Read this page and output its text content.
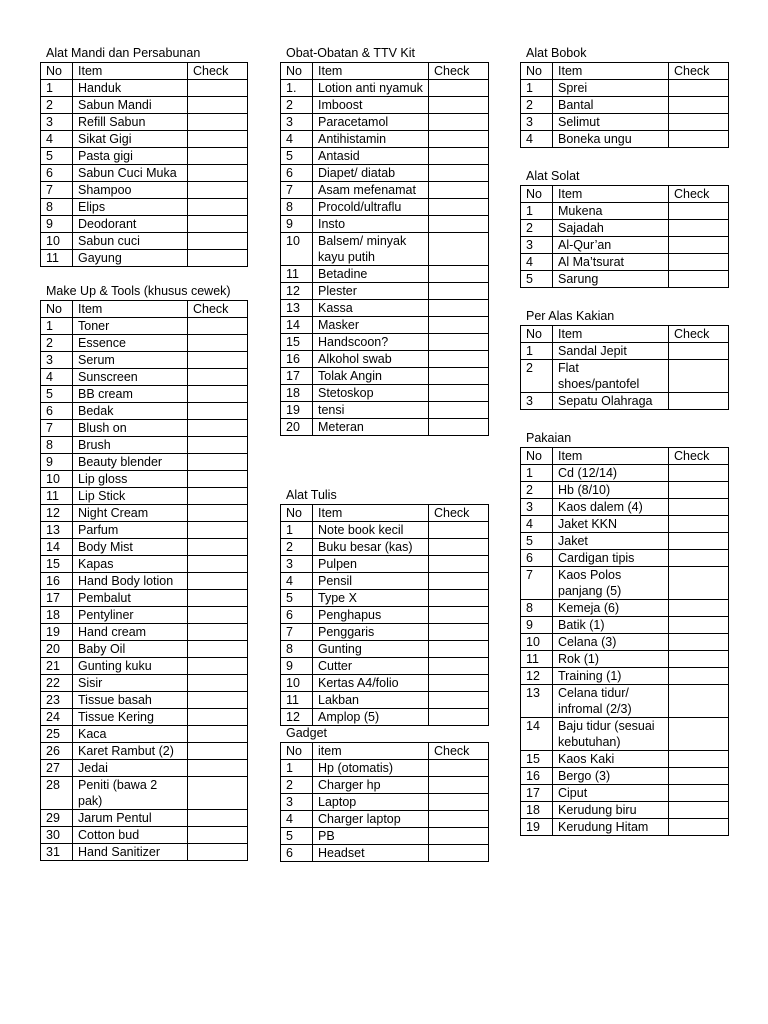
Alat Mandi dan Persabunan
No	Item	Check
1	Handuk	
2	Sabun Mandi	
3	Refill Sabun	
4	Sikat Gigi	
5	Pasta gigi	
6	Sabun Cuci Muka	
7	Shampoo	
8	Elips	
9	Deodorant	
10	Sabun cuci	
11	Gayung	
Make Up & Tools (khusus cewek)
No	Item	Check
1	Toner	
2	Essence	
3	Serum	
4	Sunscreen	
5	BB cream	
6	Bedak	
7	Blush on	
8	Brush	
9	Beauty blender	
10	Lip gloss	
11	Lip Stick	
12	Night Cream	
13	Parfum	
14	Body Mist	
15	Kapas	
16	Hand Body lotion	
17	Pembalut	
18	Pentyliner	
19	Hand cream	
20	Baby Oil	
21	Gunting kuku	
22	Sisir	
23	Tissue basah	
24	Tissue Kering	
25	Kaca	
26	Karet Rambut (2)	
27	Jedai	
28	Peniti (bawa 2 pak)	
29	Jarum Pentul	
30	Cotton bud	
31	Hand Sanitizer	
Obat-Obatan & TTV Kit
No	Item	Check
1.	Lotion anti nyamuk	
2	Imboost	
3	Paracetamol	
4	Antihistamin	
5	Antasid	
6	Diapet/ diatab	
7	Asam mefenamat	
8	Procold/ultraflu	
9	Insto	
10	Balsem/ minyak kayu putih	
11	Betadine	
12	Plester	
13	Kassa	
14	Masker	
15	Handscoon?	
16	Alkohol swab	
17	Tolak Angin	
18	Stetoskop	
19	tensi	
20	Meteran	
Alat Tulis
No	Item	Check
1	Note book kecil	
2	Buku besar (kas)	
3	Pulpen	
4	Pensil	
5	Type X	
6	Penghapus	
7	Penggaris	
8	Gunting	
9	Cutter	
10	Kertas A4/folio	
11	Lakban	
12	Amplop (5)	
Gadget
No	item	Check
1	Hp (otomatis)	
2	Charger hp	
3	Laptop	
4	Charger laptop	
5	PB	
6	Headset	
Alat Bobok
No	Item	Check
1	Sprei	
2	Bantal	
3	Selimut	
4	Boneka ungu	
Alat Solat
No	Item	Check
1	Mukena	
2	Sajadah	
3	Al-Qur’an	
4	Al Ma’tsurat	
5	Sarung	
Per Alas Kakian
No	Item	Check
1	Sandal Jepit	
2	Flat shoes/pantofel	
3	Sepatu Olahraga	
Pakaian
No	Item	Check
1	Cd (12/14)	
2	Hb (8/10)	
3	Kaos dalem (4)	
4	Jaket KKN	
5	Jaket	
6	Cardigan tipis	
7	Kaos Polos panjang (5)	
8	Kemeja (6)	
9	Batik (1)	
10	Celana (3)	
11	Rok (1)	
12	Training (1)	
13	Celana tidur/ infromal (2/3)	
14	Baju tidur (sesuai kebutuhan)	
15	Kaos Kaki	
16	Bergo (3)	
17	Ciput	
18	Kerudung biru	
19	Kerudung Hitam	
